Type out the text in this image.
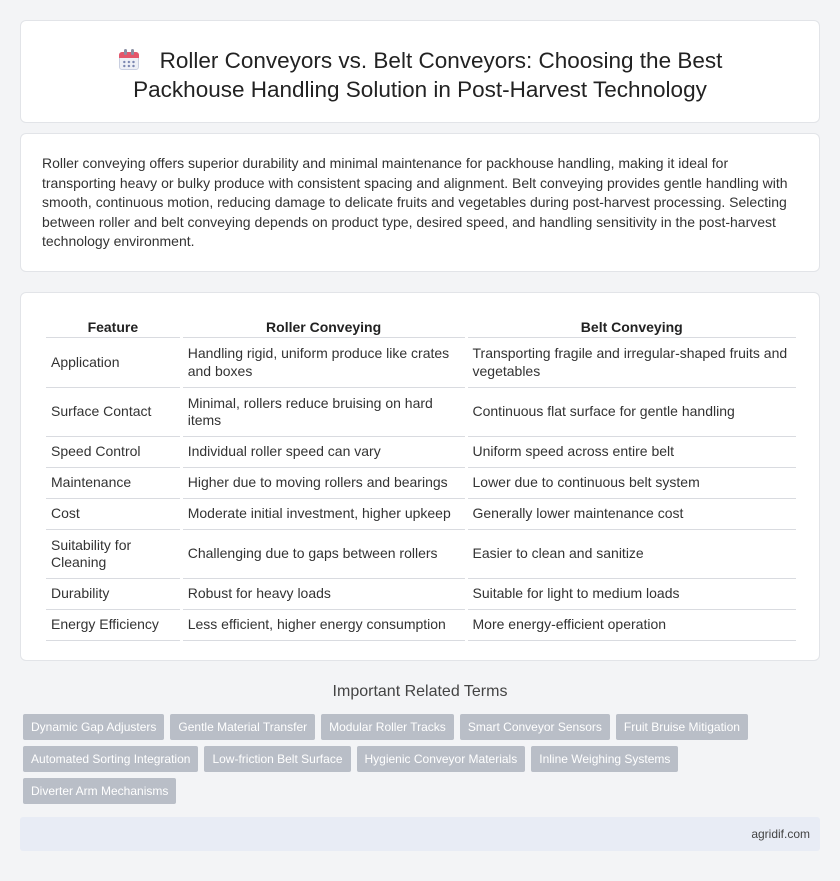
Roller Conveyors vs. Belt Conveyors: Choosing the Best
Packhouse Handling Solution in Post-Harvest Technology

Roller conveying offers superior durability and minimal maintenance for packhouse handling, making it ideal for transporting heavy or bulky produce with consistent spacing and alignment. Belt conveying provides gentle handling with smooth, continuous motion, reducing damage to delicate fruits and vegetables during post-harvest processing. Selecting between roller and belt conveying depends on product type, desired speed, and handling sensitivity in the post-harvest technology environment.

Feature	Roller Conveying	Belt Conveying
Application	Handling rigid, uniform produce like crates and boxes	Transporting fragile and irregular-shaped fruits and vegetables
Surface Contact	Minimal, rollers reduce bruising on hard items	Continuous flat surface for gentle handling
Speed Control	Individual roller speed can vary	Uniform speed across entire belt
Maintenance	Higher due to moving rollers and bearings	Lower due to continuous belt system
Cost	Moderate initial investment, higher upkeep	Generally lower maintenance cost
Suitability for Cleaning	Challenging due to gaps between rollers	Easier to clean and sanitize
Durability	Robust for heavy loads	Suitable for light to medium loads
Energy Efficiency	Less efficient, higher energy consumption	More energy-efficient operation
Important Related Terms
Dynamic Gap Adjusters	Gentle Material Transfer	Modular Roller Tracks	Smart Conveyor Sensors	Fruit Bruise Mitigation
Automated Sorting Integration	Low-friction Belt Surface	Hygienic Conveyor Materials	Inline Weighing Systems
Diverter Arm Mechanisms
agridif.com
